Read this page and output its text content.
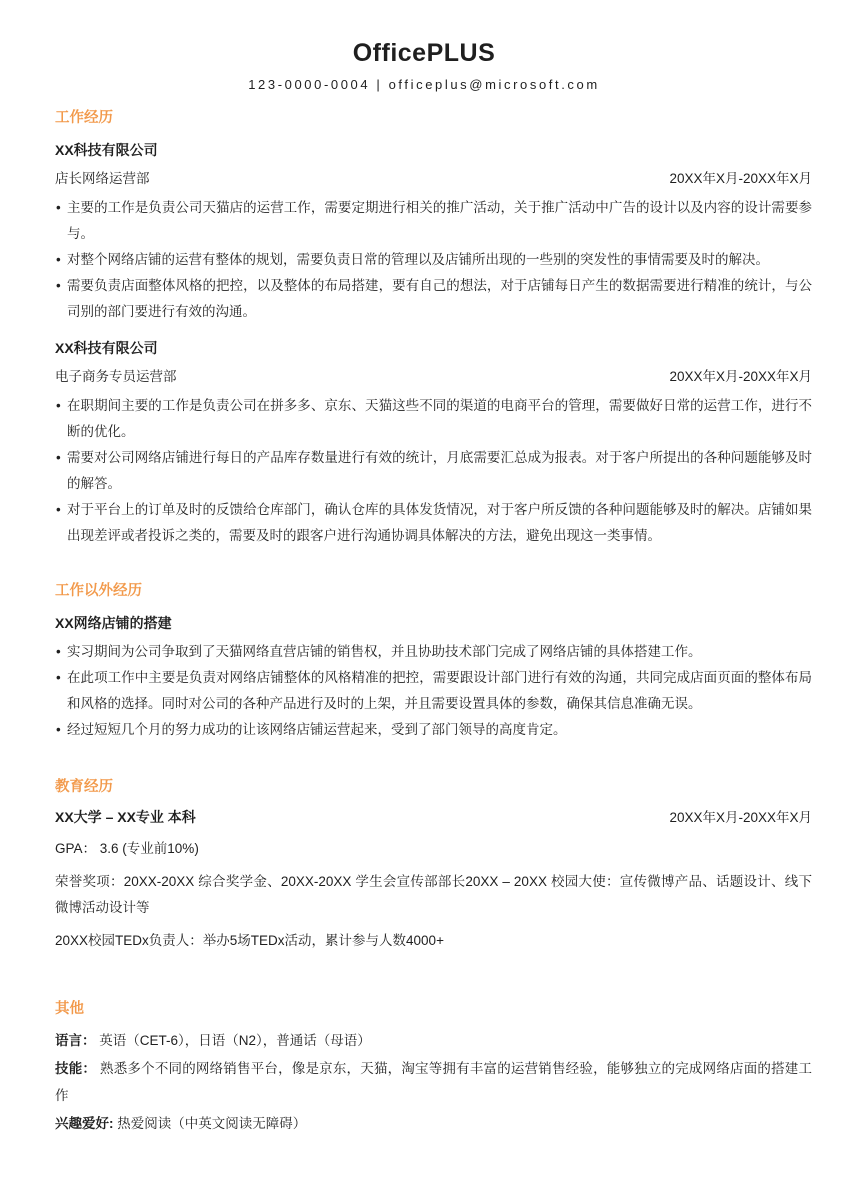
OfficePLUS
123-0000-0004 | officeplus@microsoft.com
工作经历
XX科技有限公司
店长网络运营部	20XX年X月-20XX年X月
• 主要的工作是负责公司天猫店的运营工作，需要定期进行相关的推广活动，关于推广活动中广告的设计以及内容的设计需要参与。
• 对整个网络店铺的运营有整体的规划，需要负责日常的管理以及店铺所出现的一些别的突发性的事情需要及时的解决。
• 需要负责店面整体风格的把控，以及整体的布局搭建，要有自己的想法，对于店铺每日产生的数据需要进行精准的统计，与公司别的部门要进行有效的沟通。
XX科技有限公司
电子商务专员运营部	20XX年X月-20XX年X月
• 在职期间主要的工作是负责公司在拼多多、京东、天猫这些不同的渠道的电商平台的管理，需要做好日常的运营工作，进行不断的优化。
• 需要对公司网络店铺进行每日的产品库存数量进行有效的统计，月底需要汇总成为报表。对于客户所提出的各种问题能够及时的解答。
• 对于平台上的订单及时的反馈给仓库部门，确认仓库的具体发货情况，对于客户所反馈的各种问题能够及时的解决。店铺如果出现差评或者投诉之类的，需要及时的跟客户进行沟通协调具体解决的方法，避免出现这一类事情。
工作以外经历
XX网络店铺的搭建
• 实习期间为公司争取到了天猫网络直营店铺的销售权，并且协助技术部门完成了网络店铺的具体搭建工作。
• 在此项工作中主要是负责对网络店铺整体的风格精准的把控，需要跟设计部门进行有效的沟通，共同完成店面页面的整体布局和风格的选择。同时对公司的各种产品进行及时的上架，并且需要设置具体的参数，确保其信息准确无误。
• 经过短短几个月的努力成功的让该网络店铺运营起来，受到了部门领导的高度肯定。
教育经历
XX大学 – XX专业 本科	20XX年X月-20XX年X月
GPA： 3.6 (专业前10%)
荣誉奖项：20XX-20XX 综合奖学金、20XX-20XX 学生会宣传部部长20XX – 20XX 校园大使：宣传微博产品、话题设计、线下微博活动设计等
20XX校园TEDx负责人：举办5场TEDx活动，累计参与人数4000+
其他
语言： 英语（CET-6），日语（N2），普通话（母语）
技能： 熟悉多个不同的网络销售平台，像是京东，天猫，淘宝等拥有丰富的运营销售经验，能够独立的完成网络店面的搭建工作
兴趣爱好: 热爱阅读（中英文阅读无障碍）
